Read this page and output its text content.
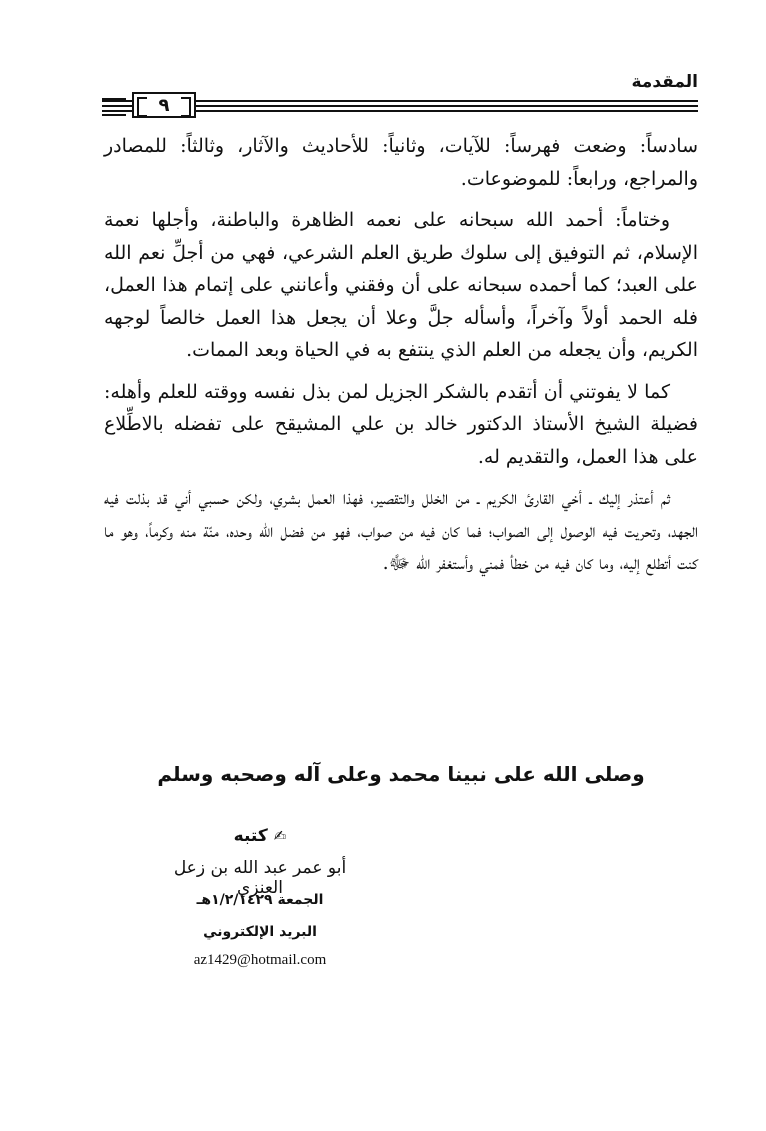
المقدمة
٩

سادساً: وضعت فهرساً: للآيات، وثانياً: للأحاديث والآثار، وثالثاً: للمصادر والمراجع، ورابعاً: للموضوعات.

وختاماً: أحمد الله سبحانه على نعمه الظاهرة والباطنة، وأجلها نعمة الإسلام، ثم التوفيق إلى سلوك طريق العلم الشرعي، فهي من أجلِّ نعم الله على العبد؛ كما أحمده سبحانه على أن وفقني وأعانني على إتمام هذا العمل، فله الحمد أولاً وآخراً، وأسأله جلَّ وعلا أن يجعل هذا العمل خالصاً لوجهه الكريم، وأن يجعله من العلم الذي ينتفع به في الحياة وبعد الممات.

كما لا يفوتني أن أتقدم بالشكر الجزيل لمن بذل نفسه ووقته للعلم وأهله: فضيلة الشيخ الأستاذ الدكتور خالد بن علي المشيقح على تفضله بالاطِّلاع على هذا العمل، والتقديم له.

ثم أعتذر إليك ـ أخي القارئ الكريم ـ من الخلل والتقصير، فهذا العمل بشري، ولكن حسبي أني قد بذلت فيه الجهد، وتحريت فيه الوصول إلى الصواب؛ فما كان فيه من صواب، فهو من فضل الله وحده، منّة منه وكرماً، وهو ما كنت أتطلع إليه، وما كان فيه من خطأ فمني وأستغفر الله ﷻ.

وصلى الله على نبينا محمد وعلى آله وصحبه وسلم
✍كتبه
أبو عمر عبد الله بن زعل العنزي
الجمعة ١/٢/١٤٢٩هـ
البريد الإلكتروني
az1429@hotmail.com
